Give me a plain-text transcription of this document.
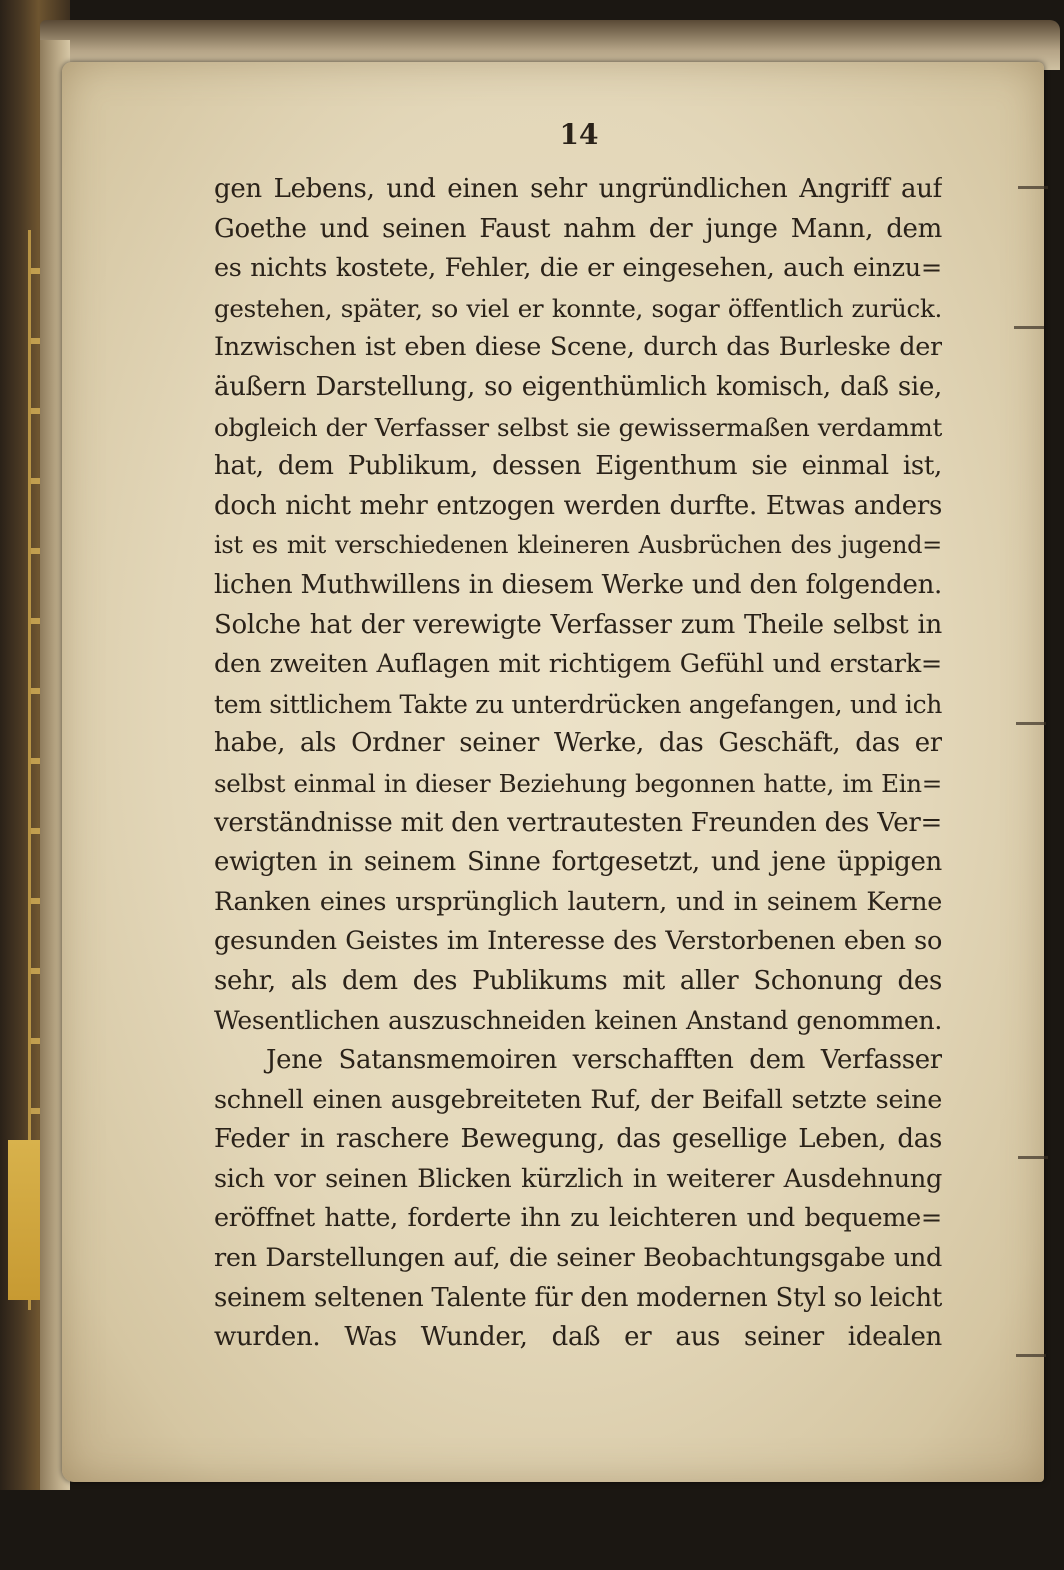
14
gen Lebens, und einen sehr ungründlichen Angriff auf
Goethe und seinen Faust nahm der junge Mann, dem
es nichts kostete, Fehler, die er eingesehen, auch einzu=
gestehen, später, so viel er konnte, sogar öffentlich zurück.
Inzwischen ist eben diese Scene, durch das Burleske der
äußern Darstellung, so eigenthümlich komisch, daß sie,
obgleich der Verfasser selbst sie gewissermaßen verdammt
hat, dem Publikum, dessen Eigenthum sie einmal ist,
doch nicht mehr entzogen werden durfte. Etwas anders
ist es mit verschiedenen kleineren Ausbrüchen des jugend=
lichen Muthwillens in diesem Werke und den folgenden.
Solche hat der verewigte Verfasser zum Theile selbst in
den zweiten Auflagen mit richtigem Gefühl und erstark=
tem sittlichem Takte zu unterdrücken angefangen, und ich
habe, als Ordner seiner Werke, das Geschäft, das er
selbst einmal in dieser Beziehung begonnen hatte, im Ein=
verständnisse mit den vertrautesten Freunden des Ver=
ewigten in seinem Sinne fortgesetzt, und jene üppigen
Ranken eines ursprünglich lautern, und in seinem Kerne
gesunden Geistes im Interesse des Verstorbenen eben so
sehr, als dem des Publikums mit aller Schonung des
Wesentlichen auszuschneiden keinen Anstand genommen.
Jene Satansmemoiren verschafften dem Verfasser
schnell einen ausgebreiteten Ruf, der Beifall setzte seine
Feder in raschere Bewegung, das gesellige Leben, das
sich vor seinen Blicken kürzlich in weiterer Ausdehnung
eröffnet hatte, forderte ihn zu leichteren und bequeme=
ren Darstellungen auf, die seiner Beobachtungsgabe und
seinem seltenen Talente für den modernen Styl so leicht
wurden. Was Wunder, daß er aus seiner idealen
